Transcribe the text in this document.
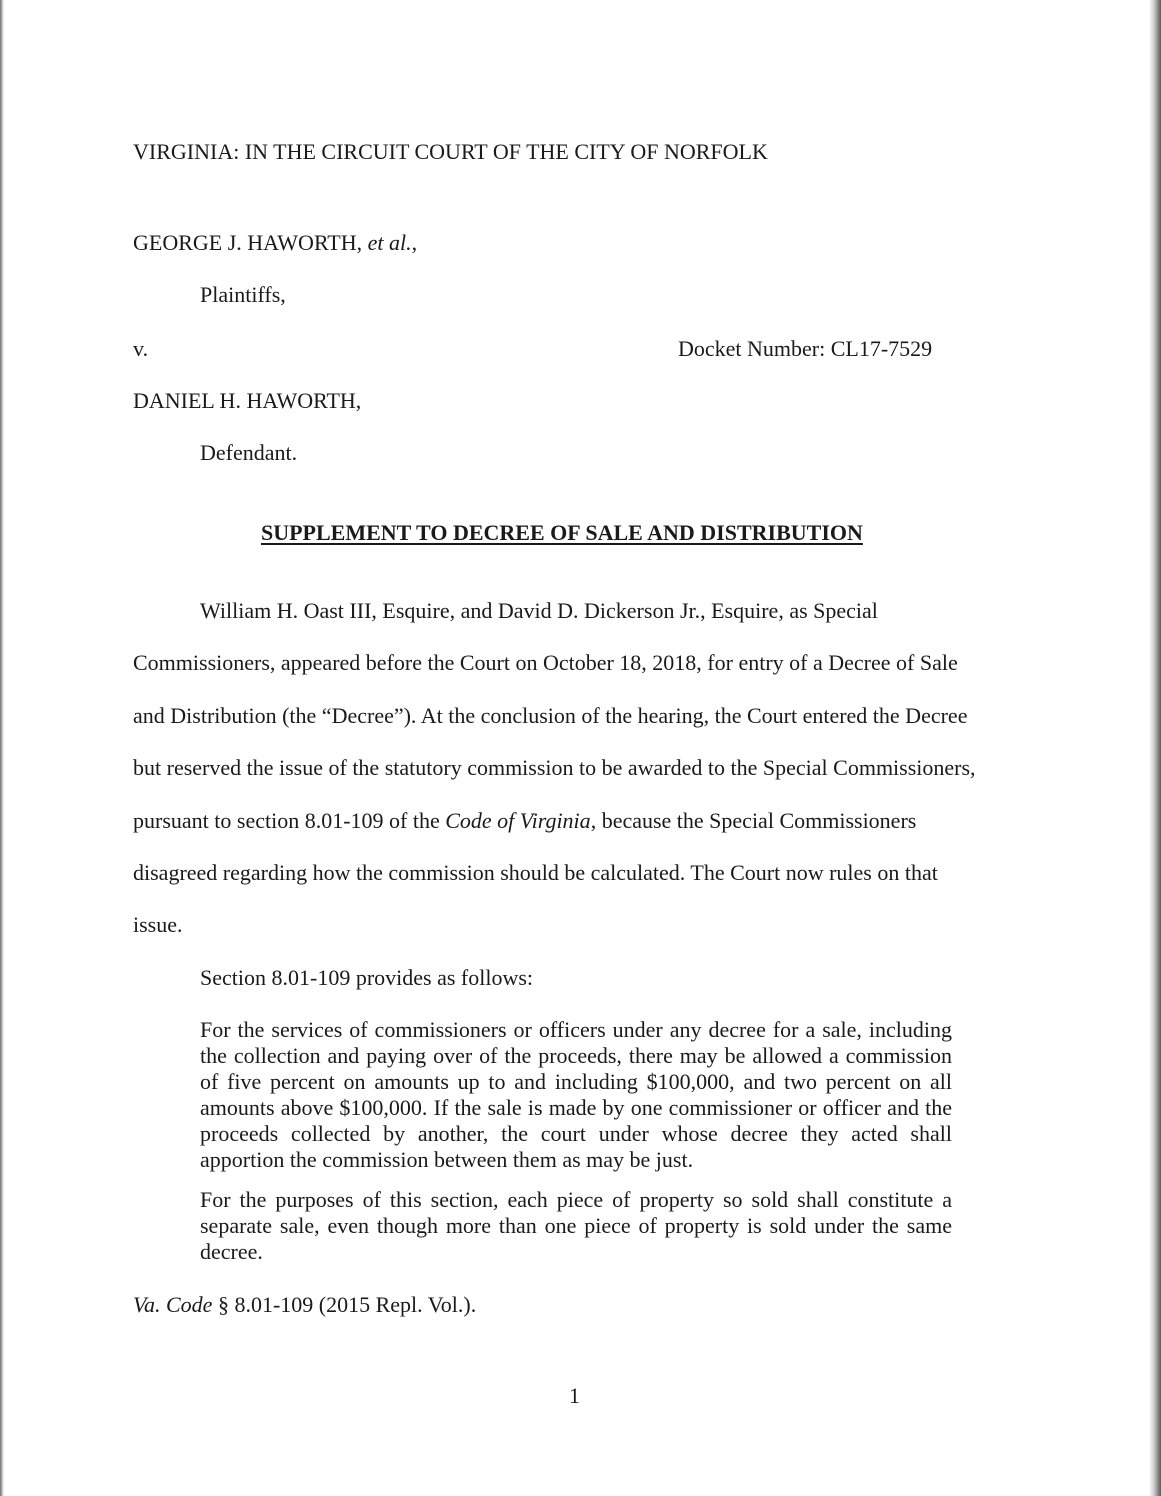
VIRGINIA: IN THE CIRCUIT COURT OF THE CITY OF NORFOLK
GEORGE J. HAWORTH, et al.,
Plaintiffs,
v.	Docket Number: CL17-7529
DANIEL H. HAWORTH,
Defendant.
SUPPLEMENT TO DECREE OF SALE AND DISTRIBUTION
William H. Oast III, Esquire, and David D. Dickerson Jr., Esquire, as Special
Commissioners, appeared before the Court on October 18, 2018, for entry of a Decree of Sale
and Distribution (the “Decree”). At the conclusion of the hearing, the Court entered the Decree
but reserved the issue of the statutory commission to be awarded to the Special Commissioners,
pursuant to section 8.01-109 of the Code of Virginia, because the Special Commissioners
disagreed regarding how the commission should be calculated. The Court now rules on that
issue.
Section 8.01-109 provides as follows:
For the services of commissioners or officers under any decree for a sale, including the collection and paying over of the proceeds, there may be allowed a commission of five percent on amounts up to and including $100,000, and two percent on all amounts above $100,000. If the sale is made by one commissioner or officer and the proceeds collected by another, the court under whose decree they acted shall apportion the commission between them as may be just.
For the purposes of this section, each piece of property so sold shall constitute a separate sale, even though more than one piece of property is sold under the same decree.
Va. Code § 8.01-109 (2015 Repl. Vol.).
1
